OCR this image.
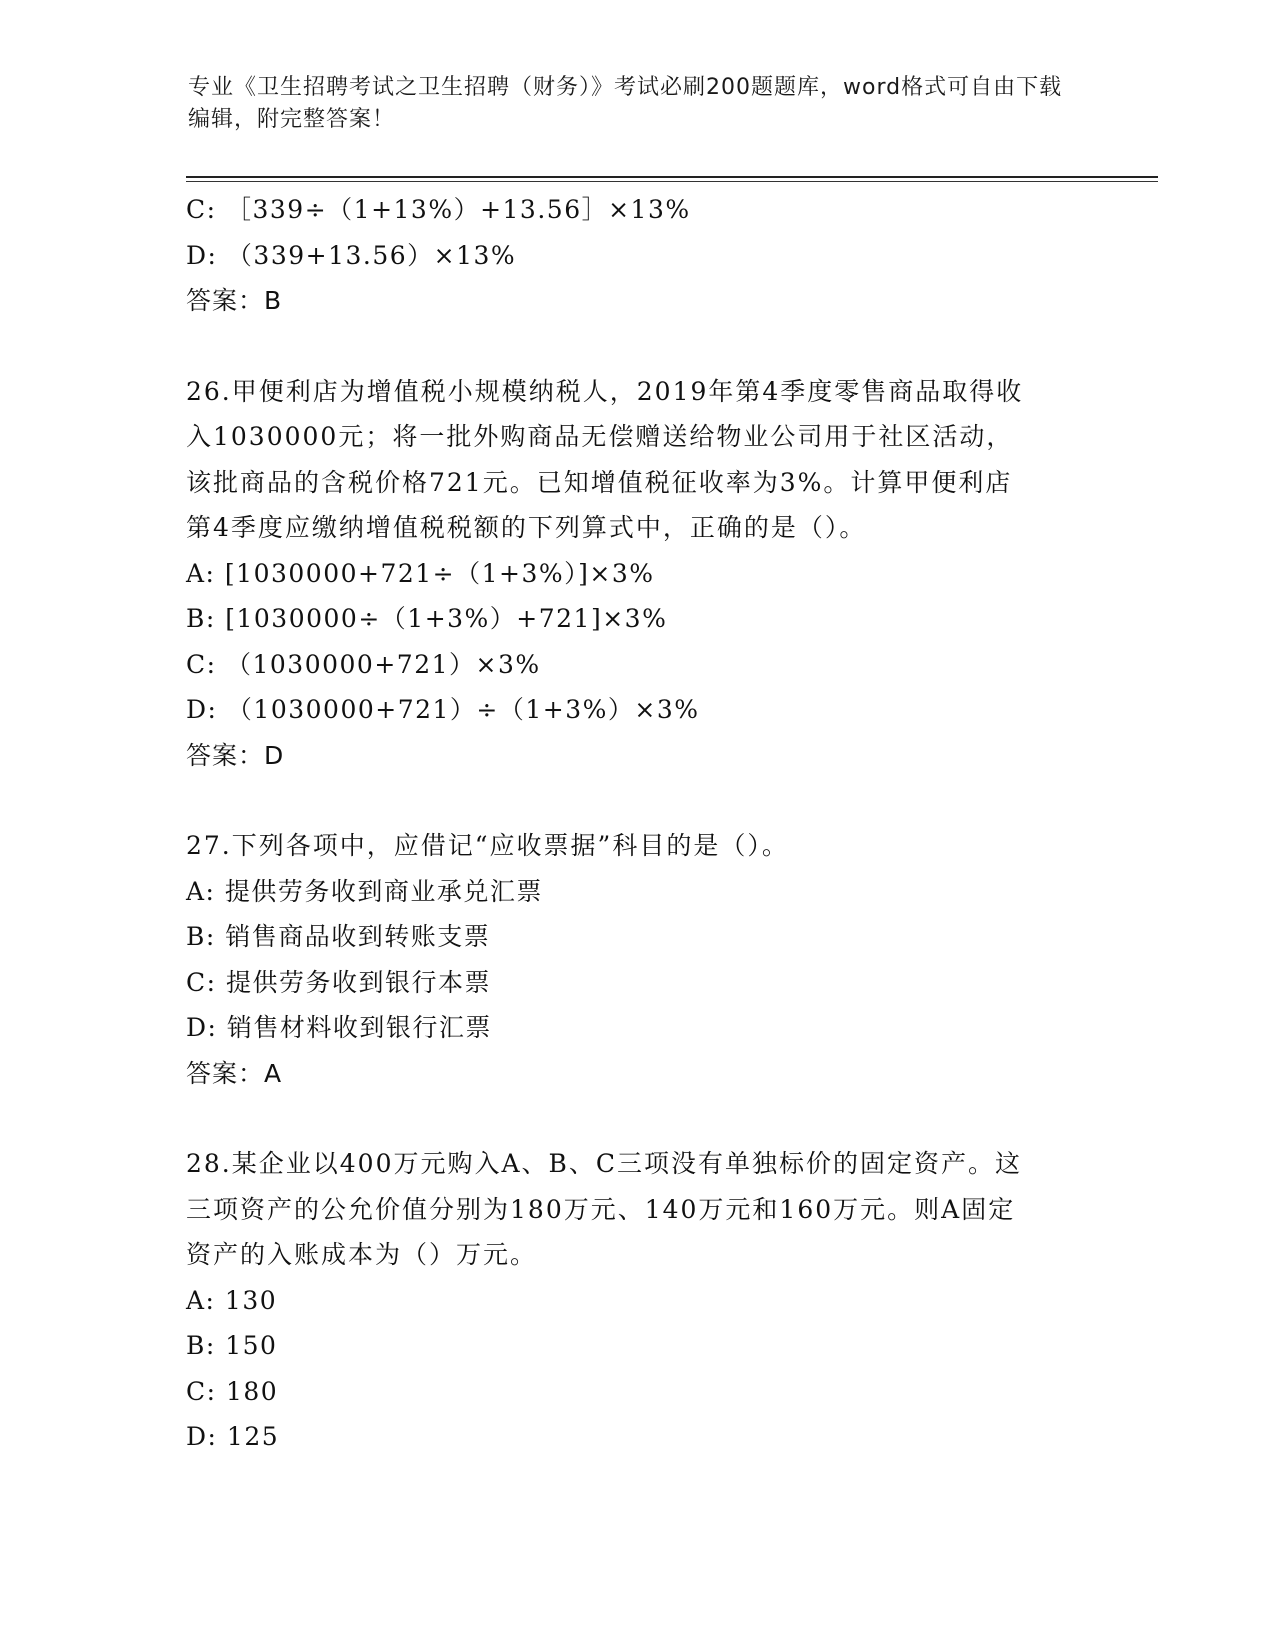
专业《卫生招聘考试之卫生招聘（财务）》考试必刷200题题库，word格式可自由下载编辑，附完整答案！
C: ［339÷（1+13%）+13.56］×13%
D: （339+13.56）×13%
答案：B
26.甲便利店为增值税小规模纳税人，2019年第4季度零售商品取得收
入1030000元；将一批外购商品无偿赠送给物业公司用于社区活动，
该批商品的含税价格721元。已知增值税征收率为3%。计算甲便利店
第4季度应缴纳增值税税额的下列算式中，正确的是（）。
A: [1030000+721÷（1+3%）]×3%
B: [1030000÷（1+3%）+721]×3%
C: （1030000+721）×3%
D: （1030000+721）÷（1+3%）×3%
答案：D
27.下列各项中，应借记“应收票据”科目的是（）。
A: 提供劳务收到商业承兑汇票
B: 销售商品收到转账支票
C: 提供劳务收到银行本票
D: 销售材料收到银行汇票
答案：A
28.某企业以400万元购入A、B、C三项没有单独标价的固定资产。这
三项资产的公允价值分别为180万元、140万元和160万元。则A固定
资产的入账成本为（）万元。
A: 130
B: 150
C: 180
D: 125
